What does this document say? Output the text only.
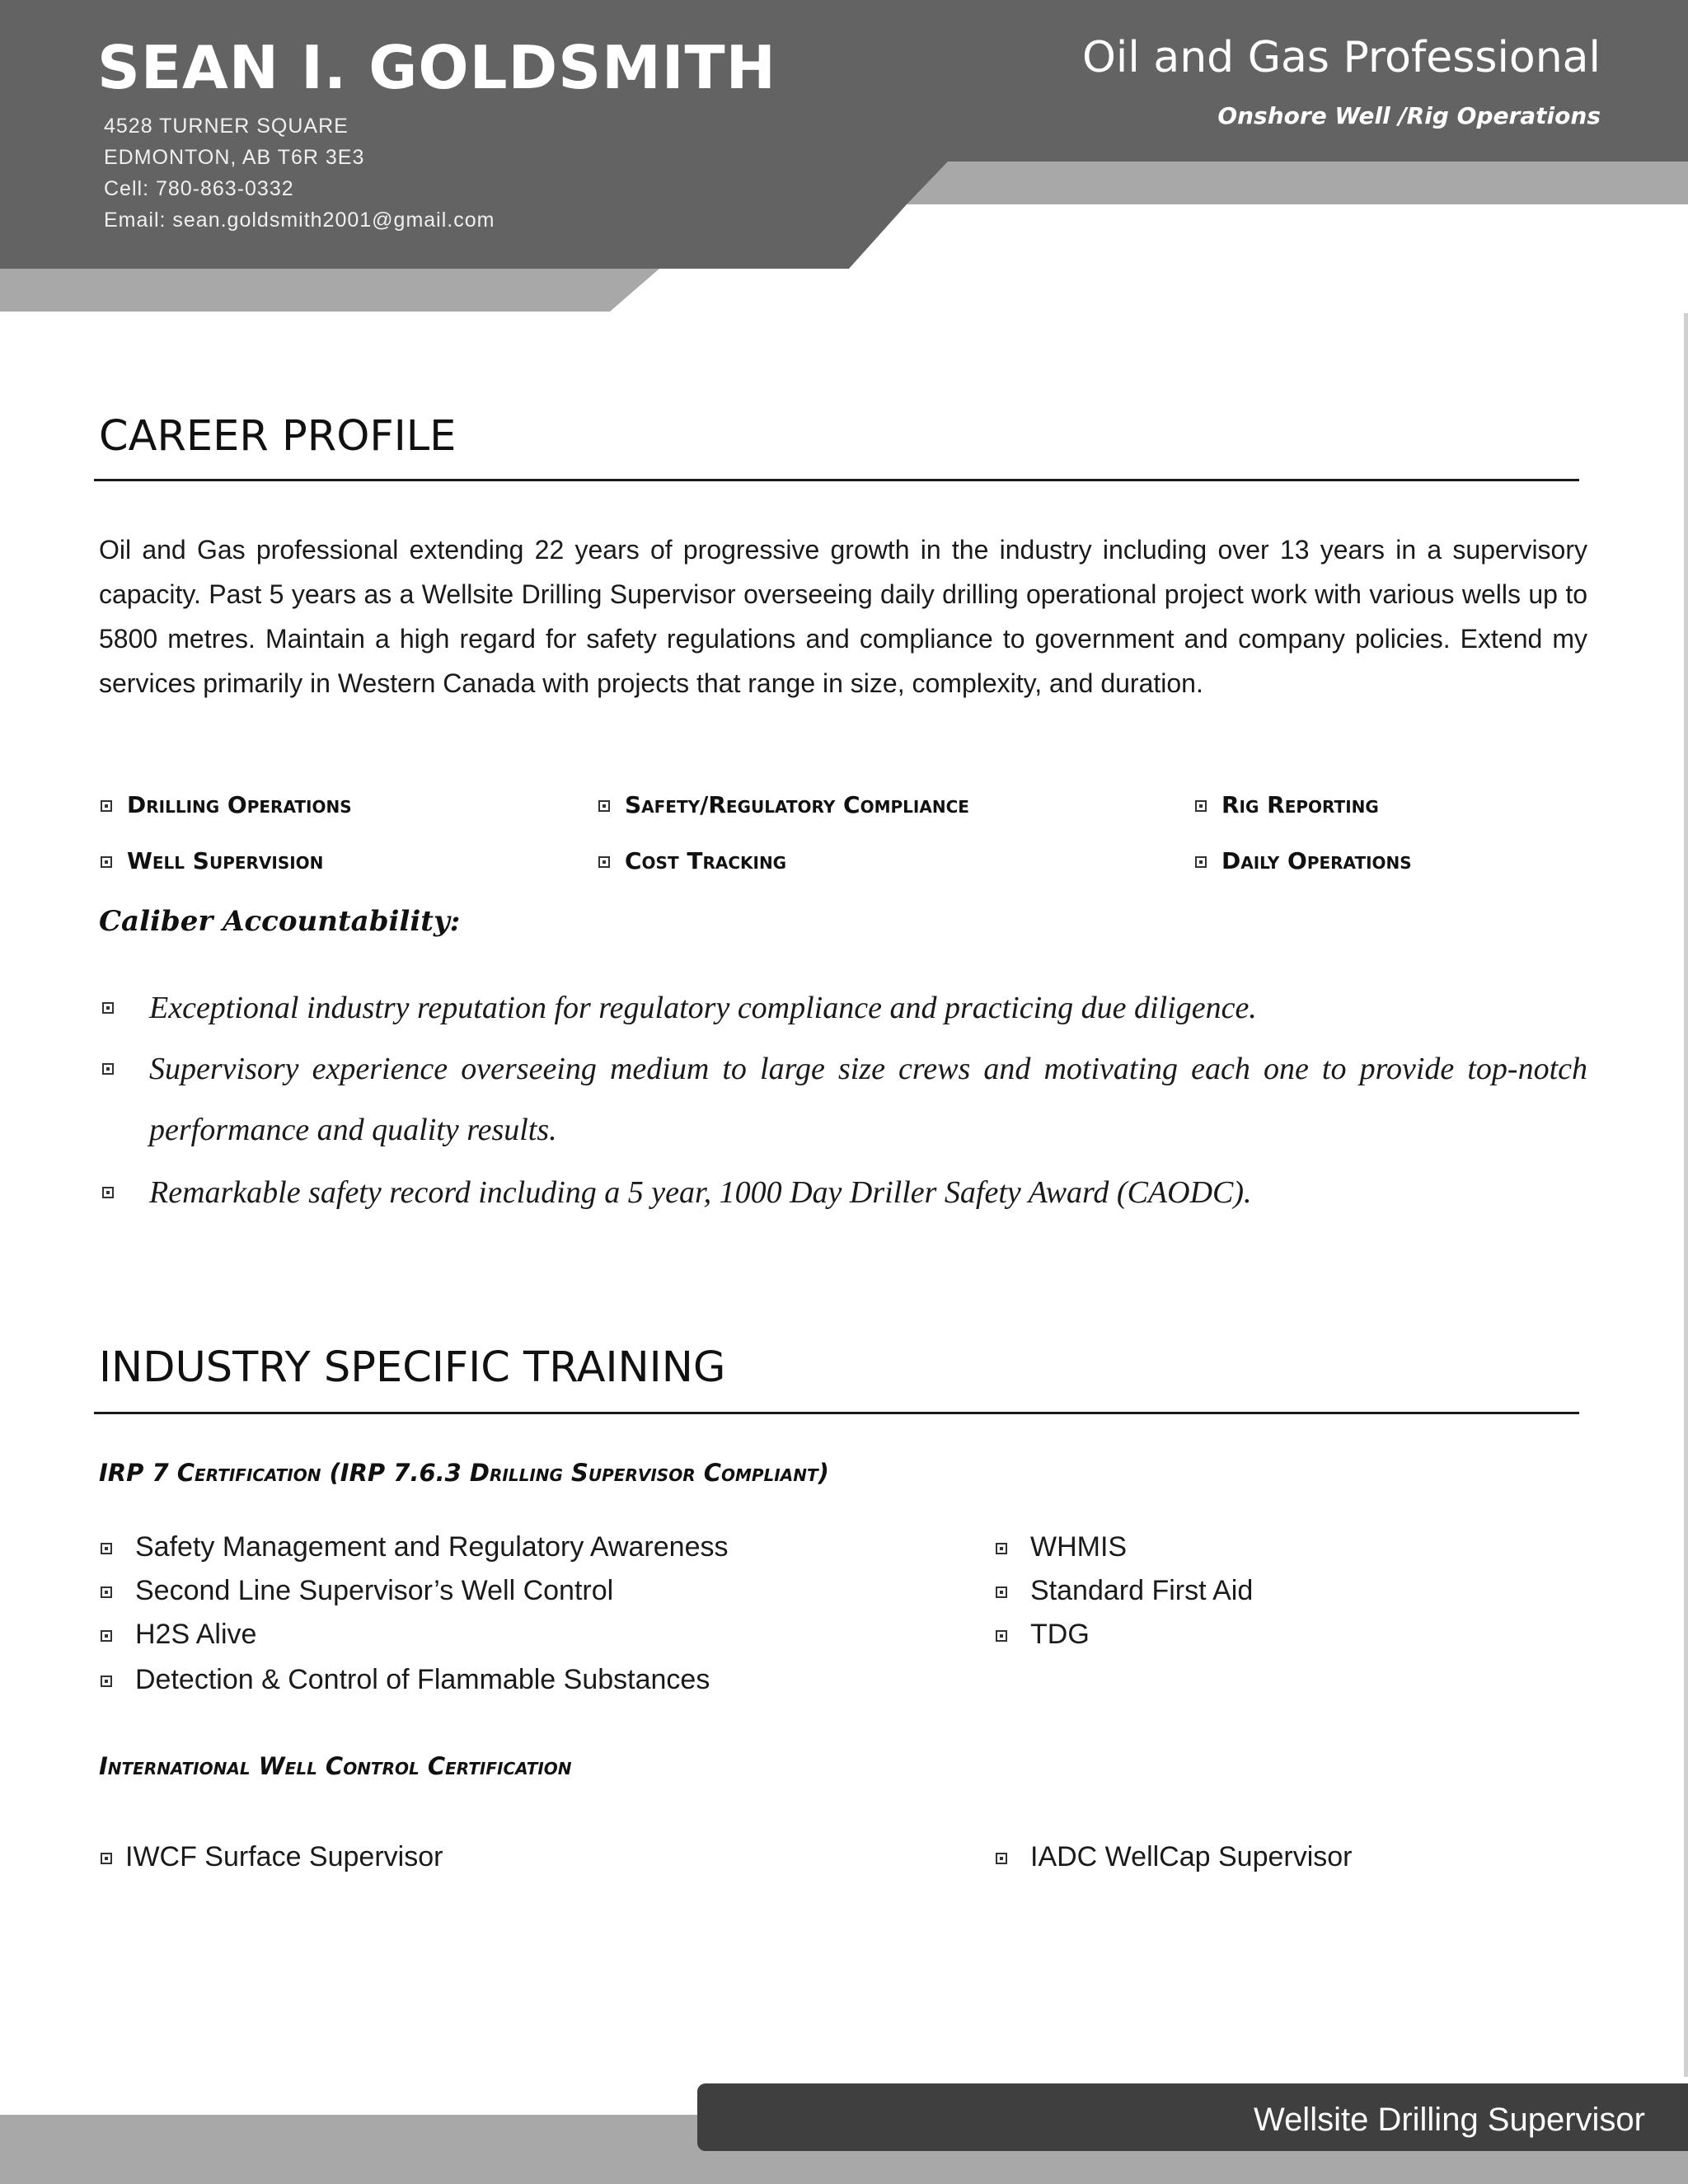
SEAN I. GOLDSMITH
4528 TURNER SQUARE
EDMONTON, AB T6R 3E3
Cell: 780-863-0332
Email: sean.goldsmith2001@gmail.com
Oil and Gas Professional
Onshore Well /Rig Operations
CAREER PROFILE

Oil and Gas professional extending 22 years of progressive growth in the industry including over 13 years in a supervisory capacity. Past 5 years as a Wellsite Drilling Supervisor overseeing daily drilling operational project work with various wells up to 5800 metres. Maintain a high regard for safety regulations and compliance to government and company policies. Extend my services primarily in Western Canada with projects that range in size, complexity, and duration.

Drilling Operations	Safety/Regulatory Compliance	Rig Reporting
Well Supervision	Cost Tracking	Daily Operations
Caliber Accountability:
Exceptional industry reputation for regulatory compliance and practicing due diligence.
Supervisory experience overseeing medium to large size crews and motivating each one to provide top-notch performance and quality results.
Remarkable safety record including a 5 year, 1000 Day Driller Safety Award (CAODC).
INDUSTRY SPECIFIC TRAINING
IRP 7 Certification (IRP 7.6.3 Drilling Supervisor Compliant)
Safety Management and Regulatory Awareness
Second Line Supervisor’s Well Control
H2S Alive
Detection & Control of Flammable Substances
WHMIS
Standard First Aid
TDG
International Well Control Certification
IWCF Surface Supervisor	IADC WellCap Supervisor
Wellsite Drilling Supervisor
